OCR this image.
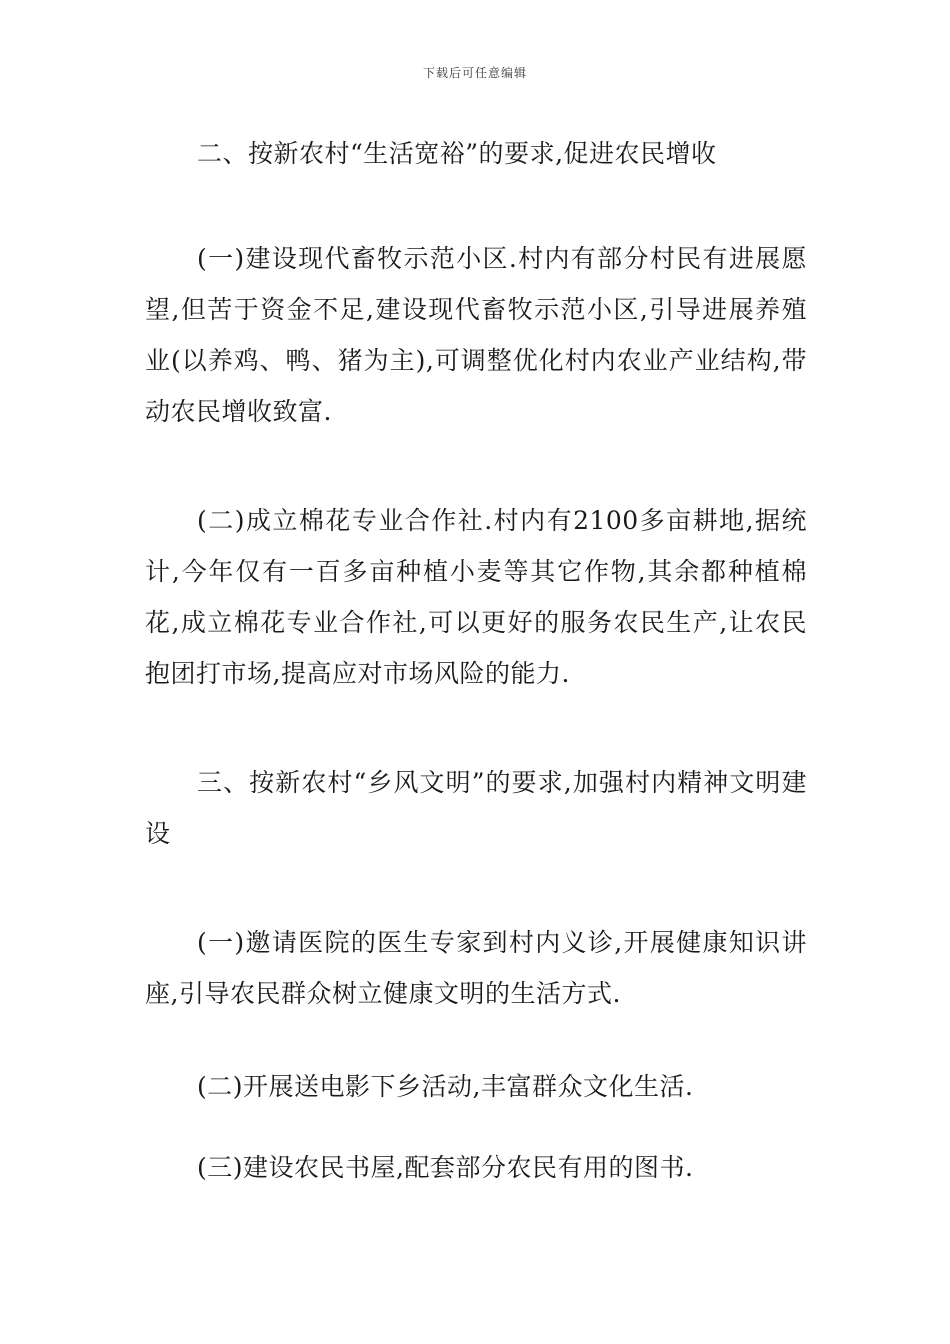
下载后可任意编辑

二、按新农村“生活宽裕”的要求,促进农民增收

(一)建设现代畜牧示范小区.村内有部分村民有进展愿望,但苦于资金不足,建设现代畜牧示范小区,引导进展养殖业(以养鸡、鸭、猪为主),可调整优化村内农业产业结构,带动农民增收致富.

(二)成立棉花专业合作社.村内有2100多亩耕地,据统计,今年仅有一百多亩种植小麦等其它作物,其余都种植棉花,成立棉花专业合作社,可以更好的服务农民生产,让农民抱团打市场,提高应对市场风险的能力.

三、按新农村“乡风文明”的要求,加强村内精神文明建设

(一)邀请医院的医生专家到村内义诊,开展健康知识讲座,引导农民群众树立健康文明的生活方式.

(二)开展送电影下乡活动,丰富群众文化生活.

(三)建设农民书屋,配套部分农民有用的图书.
